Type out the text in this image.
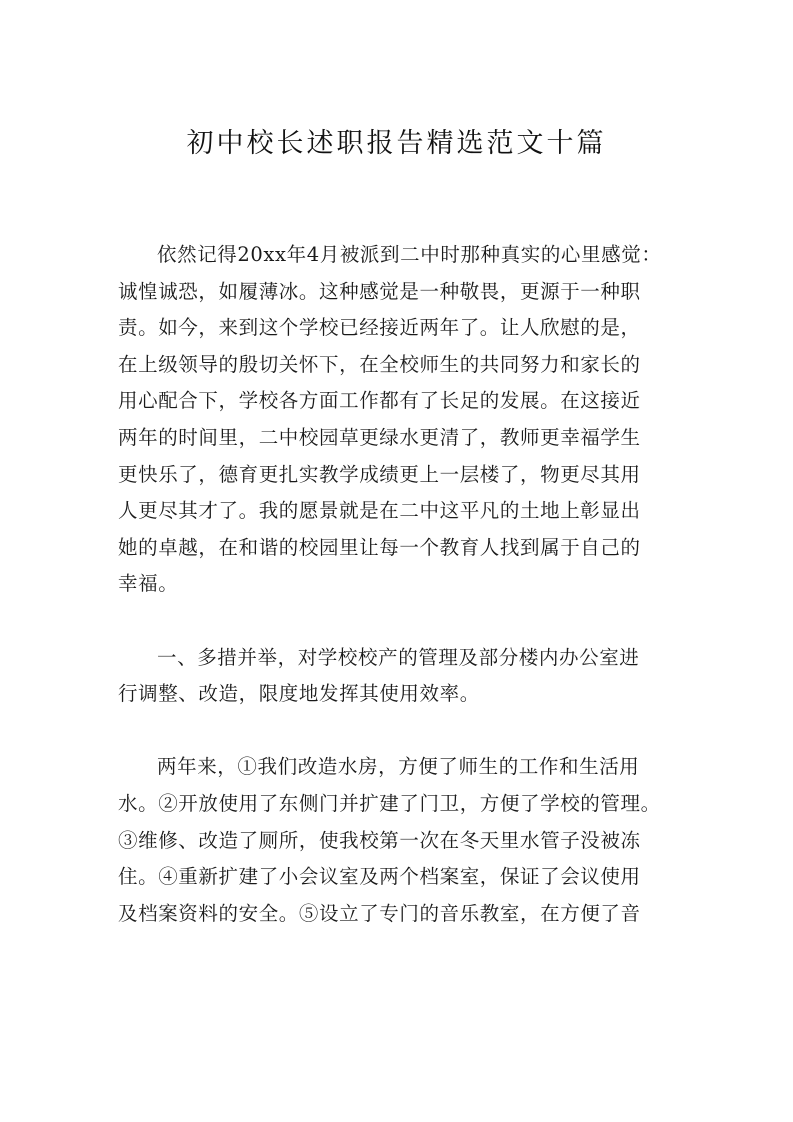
初中校长述职报告精选范文十篇

依然记得20xx年4月被派到二中时那种真实的心里感觉：
诚惶诚恐，如履薄冰。这种感觉是一种敬畏，更源于一种职
责。如今，来到这个学校已经接近两年了。让人欣慰的是，
在上级领导的殷切关怀下，在全校师生的共同努力和家长的
用心配合下，学校各方面工作都有了长足的发展。在这接近
两年的时间里，二中校园草更绿水更清了，教师更幸福学生
更快乐了，德育更扎实教学成绩更上一层楼了，物更尽其用
人更尽其才了。我的愿景就是在二中这平凡的土地上彰显出
她的卓越，在和谐的校园里让每一个教育人找到属于自己的
幸福。

一、多措并举，对学校校产的管理及部分楼内办公室进
行调整、改造，限度地发挥其使用效率。

两年来，①我们改造水房，方便了师生的工作和生活用
水。②开放使用了东侧门并扩建了门卫，方便了学校的管理。
③维修、改造了厕所，使我校第一次在冬天里水管子没被冻
住。④重新扩建了小会议室及两个档案室，保证了会议使用
及档案资料的安全。⑤设立了专门的音乐教室，在方便了音
